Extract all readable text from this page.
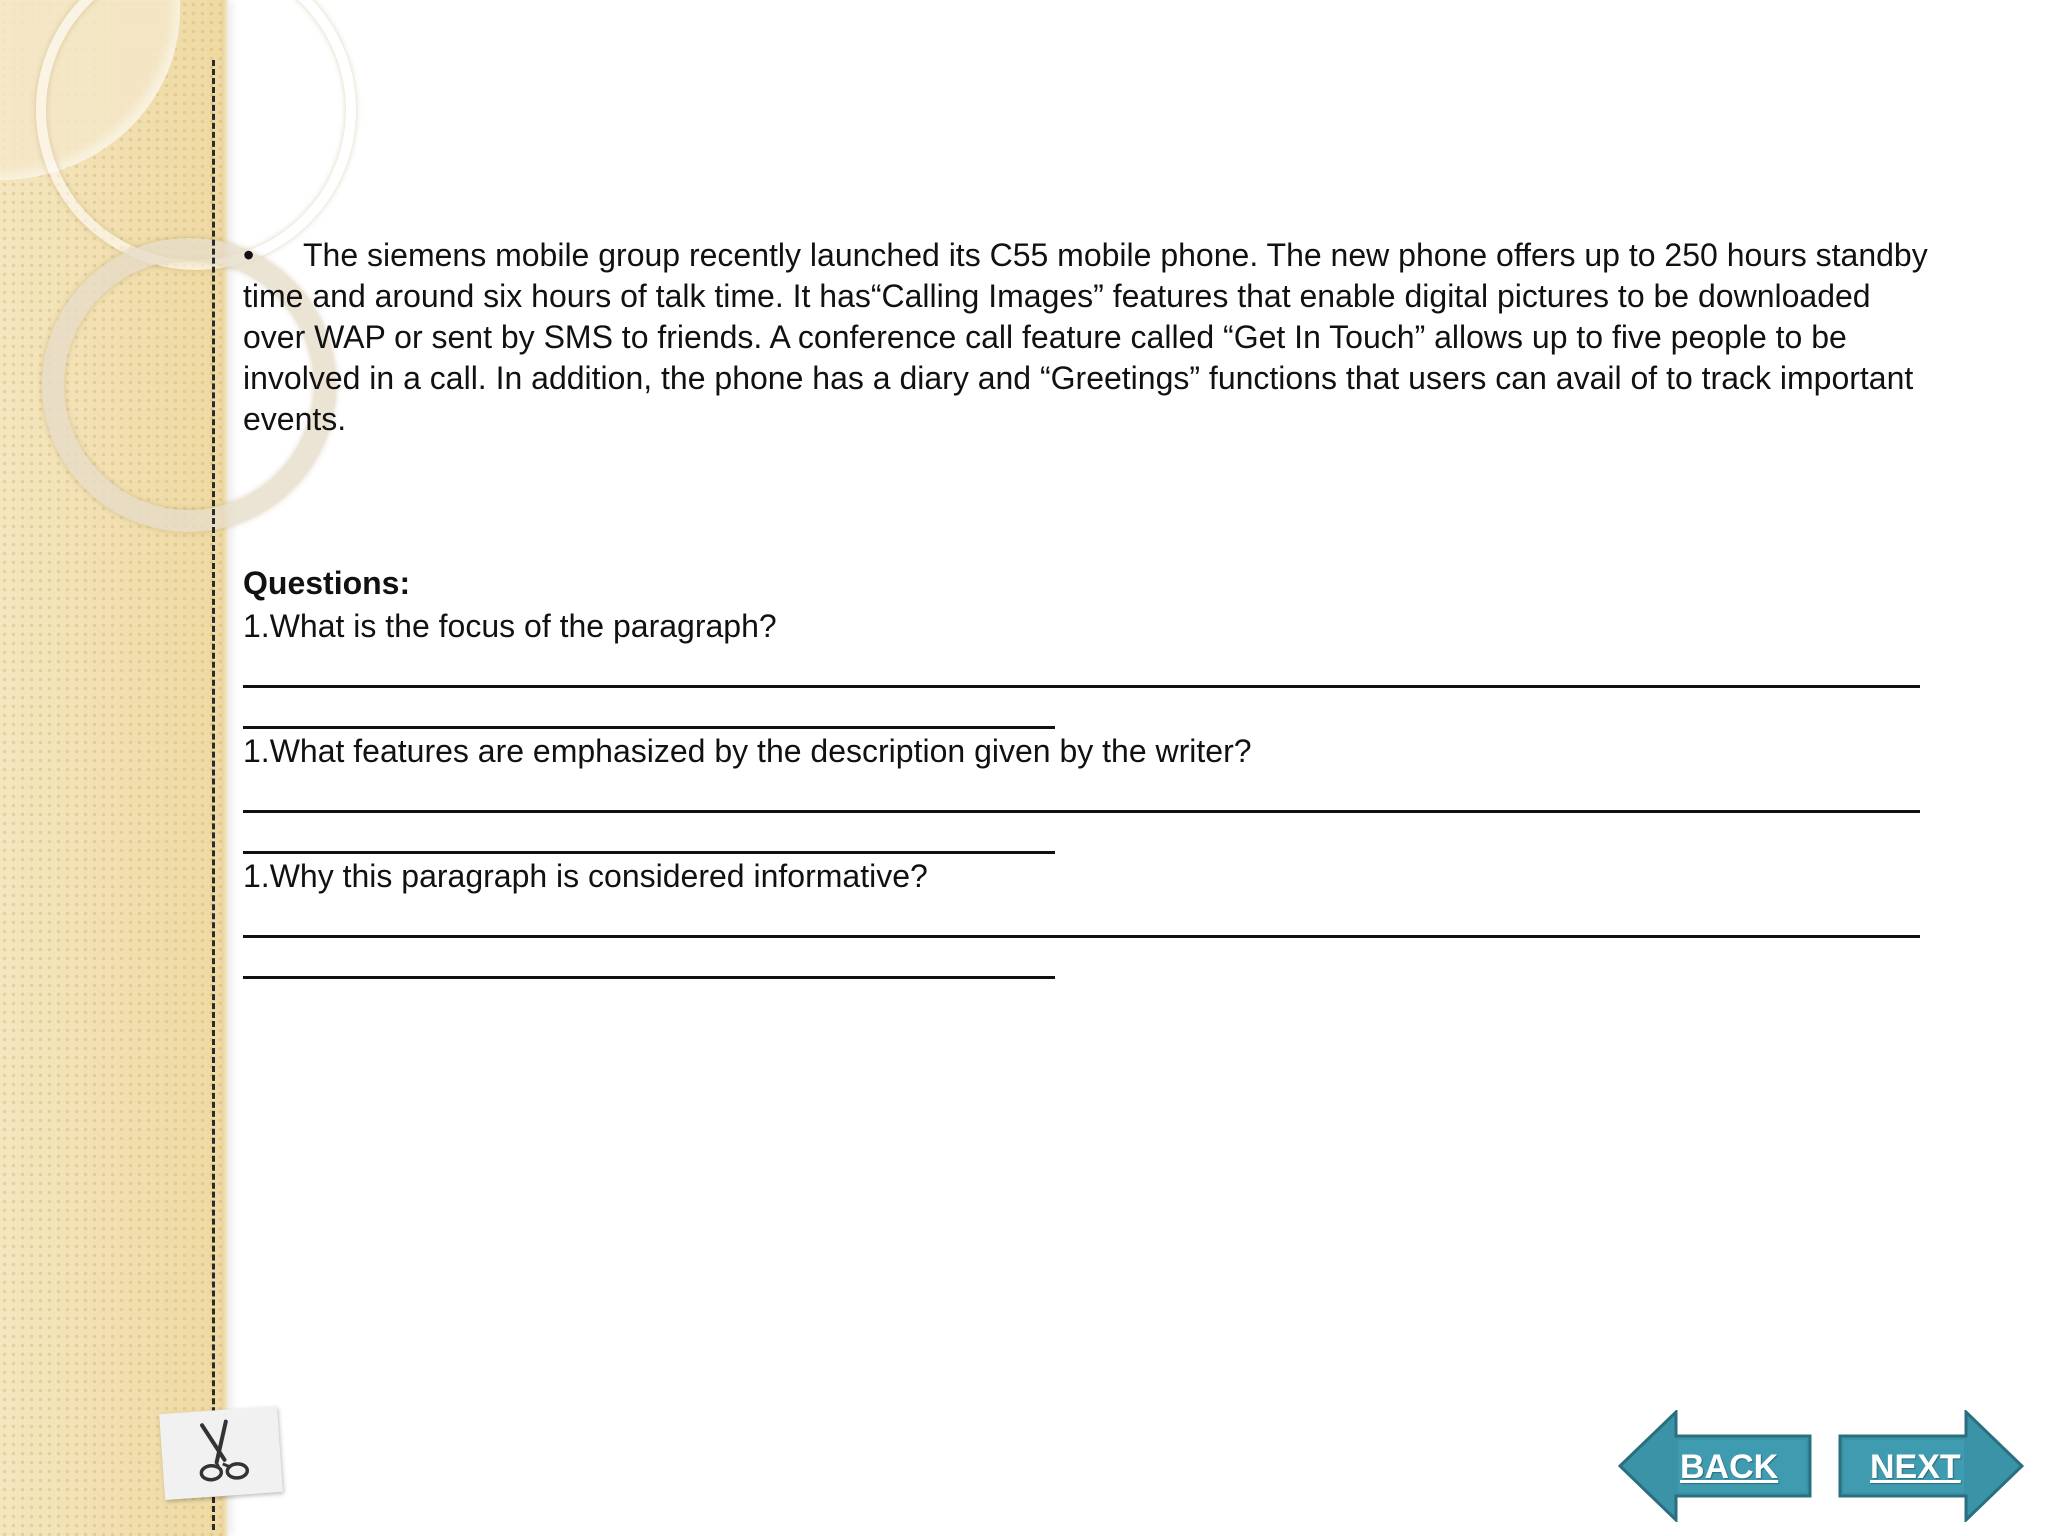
• The siemens mobile group recently launched its C55 mobile phone. The new phone offers up to 250 hours standby time and around six hours of talk time. It has“Calling Images” features that enable digital pictures to be downloaded over WAP or sent by SMS to friends. A conference call feature called “Get In Touch” allows up to five people to be involved in a call. In addition, the phone has a diary and “Greetings” functions that users can avail of to track important events.

Questions:
1.What is the focus of the paragraph?
1.What features are emphasized by the description given by the writer?
1.Why this paragraph is considered informative?
BACK	NEXT
